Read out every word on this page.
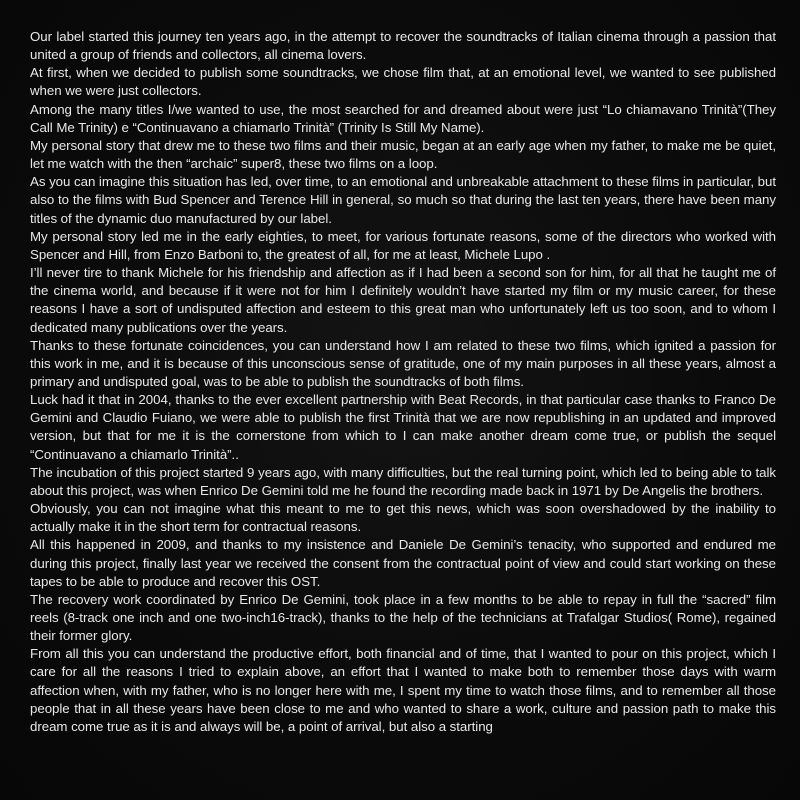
Our label started this journey ten years ago, in the attempt to recover the soundtracks of Italian cinema through a passion that united a group of friends and collectors, all cinema lovers.

At first, when we decided to publish some soundtracks, we chose film that, at an emotional level, we wanted to see published when we were just collectors.

Among the many titles I/we wanted to use, the most searched for and dreamed about were just “Lo chiamavano Trinità”(They Call Me Trinity) e “Continuavano a chiamarlo Trinità” (Trinity Is Still My Name).

My personal story that drew me to these two films and their music, began at an early age when my father, to make me be quiet, let me watch with the then “archaic” super8, these two films on a loop.

As you can imagine this situation has led, over time, to an emotional and unbreakable attachment to these films in particular, but also to the films with Bud Spencer and Terence Hill in general, so much so that during the last ten years, there have been many titles of the dynamic duo manufactured by our label.

My personal story led me in the early eighties, to meet, for various fortunate reasons, some of the directors who worked with Spencer and Hill, from Enzo Barboni to, the greatest of all, for me at least, Michele Lupo .

I’ll never tire to thank Michele for his friendship and affection as if I had been a second son for him, for all that he taught me of the cinema world, and because if it were not for him I definitely wouldn’t have started my film or my music career, for these reasons I have a sort of undisputed affection and esteem to this great man who unfortunately left us too soon, and to whom I dedicated many publications over the years.

Thanks to these fortunate coincidences, you can understand how I am related to these two films, which ignited a passion for this work in me, and it is because of this unconscious sense of gratitude, one of my main purposes in all these years, almost a primary and undisputed goal, was to be able to publish the soundtracks of both films.

Luck had it that in 2004, thanks to the ever excellent partnership with Beat Records, in that particular case thanks to Franco De Gemini and Claudio Fuiano, we were able to publish the first Trinità that we are now republishing in an updated and improved version, but that for me it is the cornerstone from which to I can make another dream come true, or publish the sequel “Continuavano a chiamarlo Trinità”..

The incubation of this project started 9 years ago, with many difficulties, but the real turning point, which led to being able to talk about this project, was when Enrico De Gemini told me he found the recording made back in 1971 by De Angelis the brothers.

Obviously, you can not imagine what this meant to me to get this news, which was soon overshadowed by the inability to actually make it in the short term for contractual reasons.

All this happened in 2009, and thanks to my insistence and Daniele De Gemini’s tenacity, who supported and endured me during this project, finally last year we received the consent from the contractual point of view and could start working on these tapes to be able to produce and recover this OST.

The recovery work coordinated by Enrico De Gemini, took place in a few months to be able to repay in full the “sacred” film reels (8-track one inch and one two-inch16-track), thanks to the help of the technicians at Trafalgar Studios( Rome), regained their former glory.

From all this you can understand the productive effort, both financial and of time, that I wanted to pour on this project, which I care for all the reasons I tried to explain above, an effort that I wanted to make both to remember those days with warm affection when, with my father, who is no longer here with me, I spent my time to watch those films, and to remember all those people that in all these years have been close to me and who wanted to share a work, culture and passion path to make this dream come true as it is and always will be, a point of arrival, but also a starting
